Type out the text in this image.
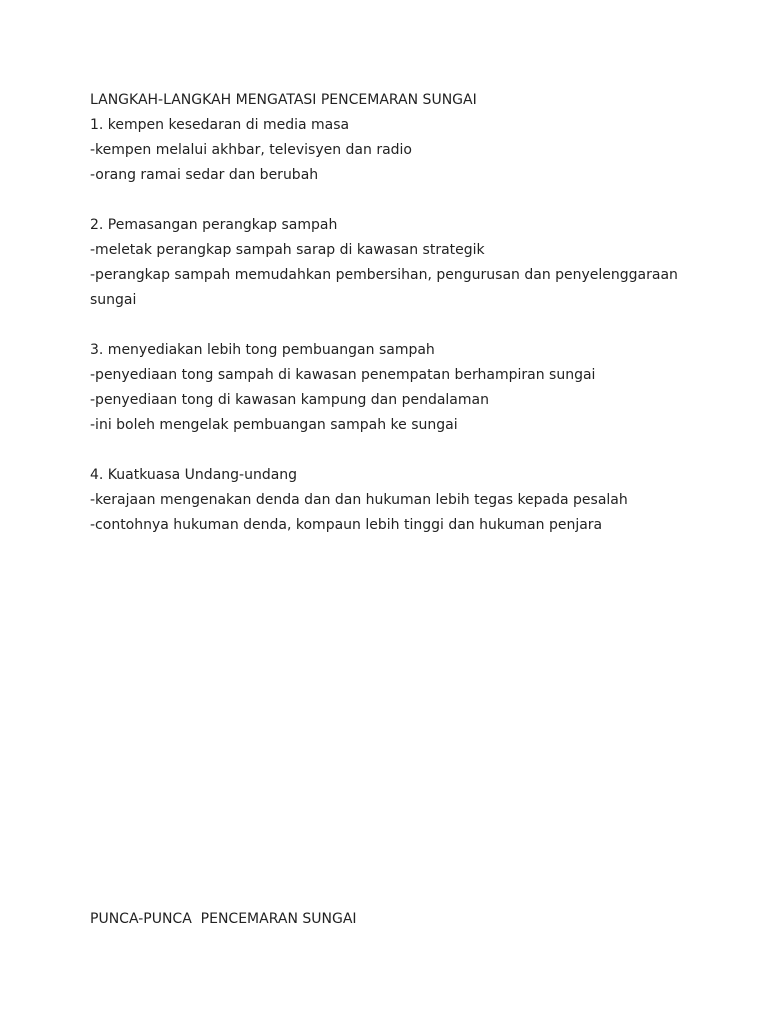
LANGKAH-LANGKAH MENGATASI PENCEMARAN SUNGAI

1. kempen kesedaran di media masa

-kempen melalui akhbar, televisyen dan radio

-orang ramai sedar dan berubah

2. Pemasangan perangkap sampah

-meletak perangkap sampah sarap di kawasan strategik

-perangkap sampah memudahkan pembersihan, pengurusan dan penyelenggaraan sungai

3. menyediakan lebih tong pembuangan sampah

-penyediaan tong sampah di kawasan penempatan berhampiran sungai

-penyediaan tong di kawasan kampung dan pendalaman

-ini boleh mengelak pembuangan sampah ke sungai

4. Kuatkuasa Undang-undang

-kerajaan mengenakan denda dan dan hukuman lebih tegas kepada pesalah

-contohnya hukuman denda, kompaun lebih tinggi dan hukuman penjara

PUNCA-PUNCA  PENCEMARAN SUNGAI
